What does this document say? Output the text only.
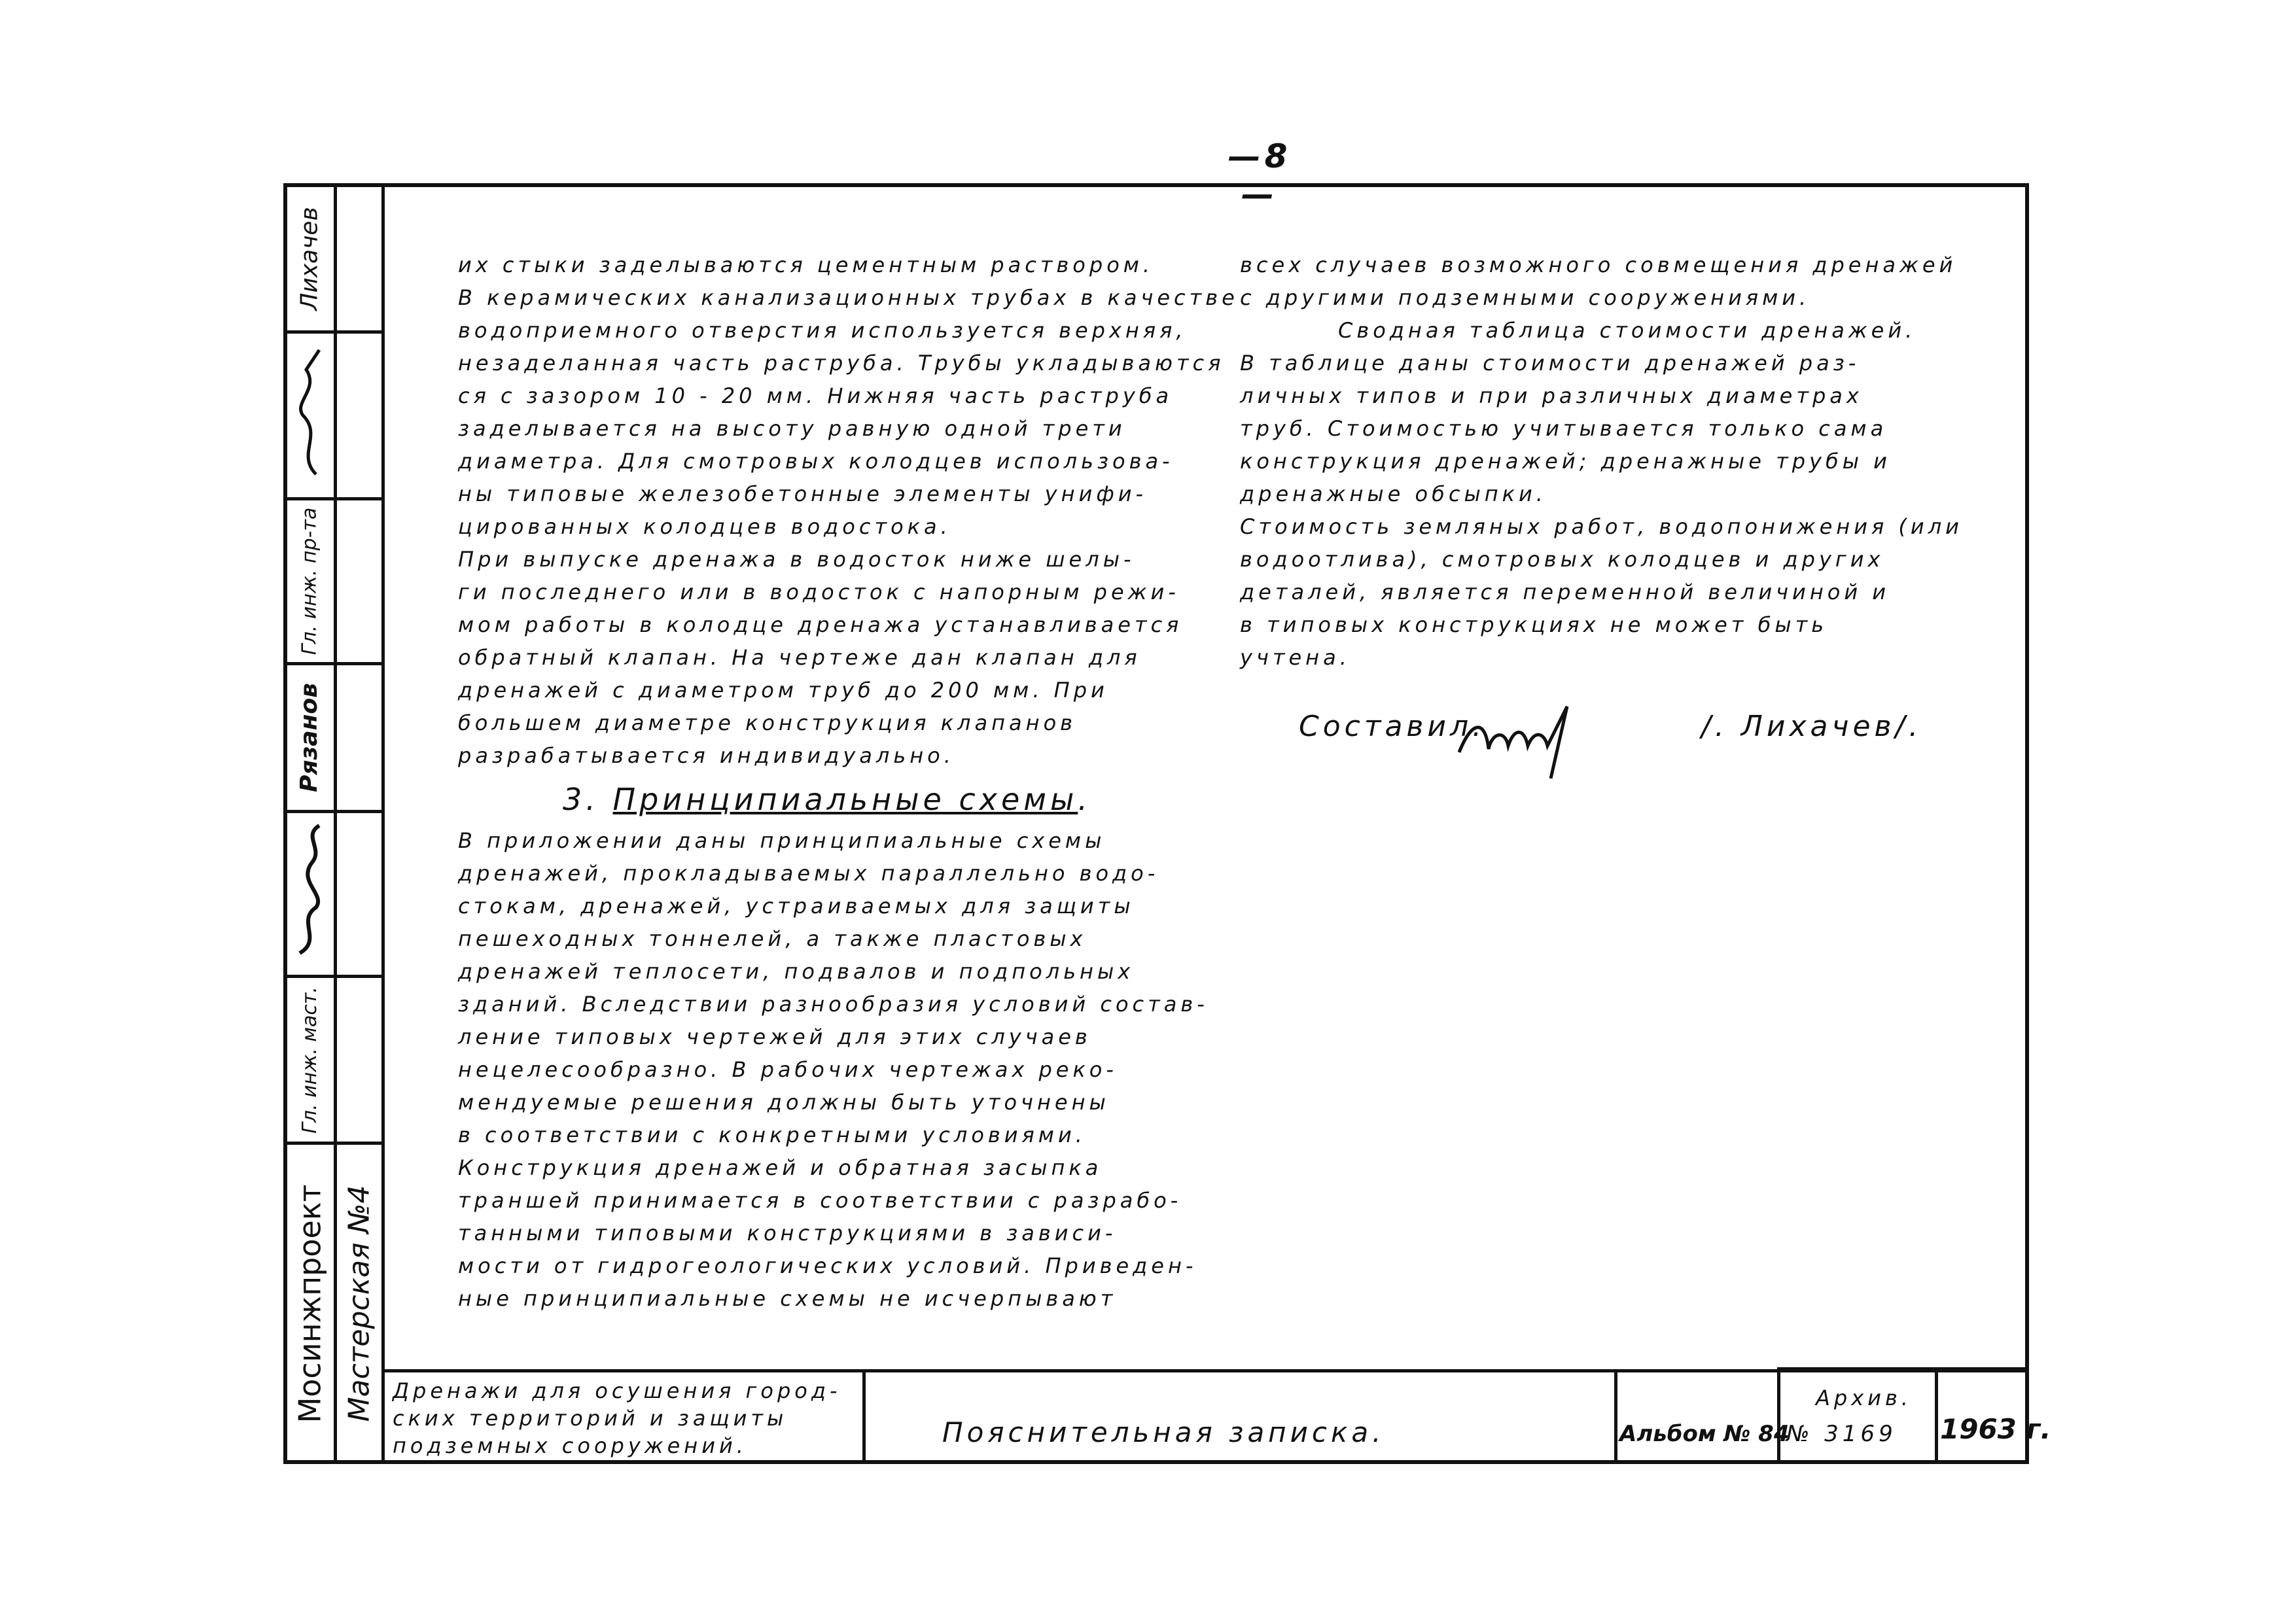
—8—
Лихачев
Гл. инж. пр-та
Рязанов
Гл. инж. маст.
Мосинжпроект Мастерская №4

их стыки заделываются цементным раствором.

В керамических канализационных трубах в качестве

водоприемного отверстия используется верхняя,

незаделанная часть раструба. Трубы укладываются

ся с зазором 10 - 20 мм. Нижняя часть раструба

заделывается на высоту равную одной трети

диаметра. Для смотровых колодцев использова-

ны типовые железобетонные элементы унифи-

цированных колодцев водостока.

При выпуске дренажа в водосток ниже шелы-

ги последнего или в водосток с напорным режи-

мом работы в колодце дренажа устанавливается

обратный клапан. На чертеже дан клапан для

дренажей с диаметром труб до 200 мм. При

большем диаметре конструкция клапанов

разрабатывается индивидуально.

3. Принципиальные схемы.

В приложении даны принципиальные схемы

дренажей, прокладываемых параллельно водо-

стокам, дренажей, устраиваемых для защиты

пешеходных тоннелей, а также пластовых

дренажей теплосети, подвалов и подпольных

зданий. Вследствии разнообразия условий состав-

ление типовых чертежей для этих случаев

нецелесообразно. В рабочих чертежах реко-

мендуемые решения должны быть уточнены

в соответствии с конкретными условиями.

Конструкция дренажей и обратная засыпка

траншей принимается в соответствии с разрабо-

танными типовыми конструкциями в зависи-

мости от гидрогеологических условий. Приведен-

ные принципиальные схемы не исчерпывают

всех случаев возможного совмещения дренажей

с другими подземными сооружениями.

Сводная таблица стоимости дренажей.

В таблице даны стоимости дренажей раз-

личных типов и при различных диаметрах

труб. Стоимостью учитывается только сама

конструкция дренажей; дренажные трубы и

дренажные обсыпки.

Стоимость земляных работ, водопонижения (или

водоотлива), смотровых колодцев и других

деталей, является переменной величиной и

в типовых конструкциях не может быть

учтена.

Составил.	/. Лихачев/.
Дренажи для осушения город-
ских территорий и защиты
подземных сооружений.	Пояснительная записка.	Альбом № 84
Архив.
№ 3169 1963 г.
